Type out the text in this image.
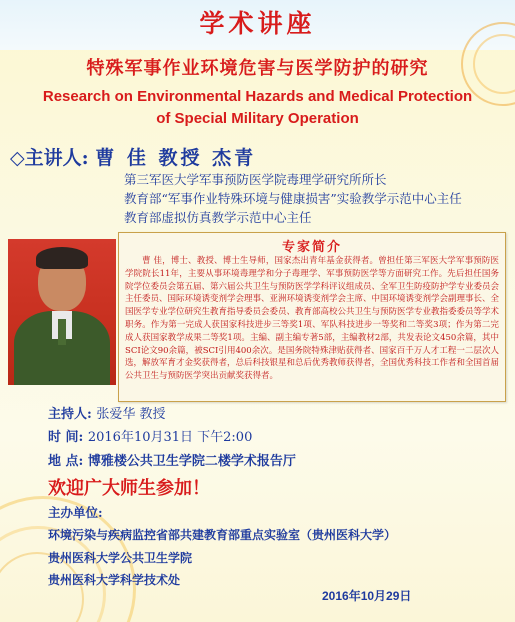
学术讲座
特殊军事作业环境危害与医学防护的研究
Research on Environmental Hazards and Medical Protection
of Special Military Operation
◇主讲人: 曹 佳 教授 杰青
第三军医大学军事预防医学院毒理学研究所所长
教育部“军事作业特殊环境与健康损害”实验教学示范中心主任
教育部虚拟仿真教学示范中心主任
专家简介
曹 佳，博士、教授、博士生导师，国家杰出青年基金获得者。曾担任第三军医大学军事预防医学院院长11年，主要从事环境毒理学和分子毒理学、军事预防医学等方面研究工作。先后担任国务院学位委员会第五届、第六届公共卫生与预防医学学科评议组成员、全军卫生防疫防护学专业委员会主任委员、国际环境诱变剂学会理事、亚洲环境诱变剂学会主席、中国环境诱变剂学会副理事长、全国医学专业学位研究生教育指导委员会委员、教育部高校公共卫生与预防医学专业教指委委员等学术职务。作为第一完成人获国家科技进步三等奖1项、军队科技进步一等奖和二等奖3项；作为第二完成人获国家教学成果二等奖1项。主编、副主编专著5部，主编教材2部，共发表论文450余篇，其中SCI论文90余篇，被SCI引用400余次。是国务院特殊津贴获得者、国家百千万人才工程一二层次人选，解放军育才金奖获得者，总后科技银星和总后优秀教师获得者，全国优秀科技工作者和全国首届公共卫生与预防医学突出贡献奖获得者。
主持人: 张爱华 教授
时 间: 2016年10月31日 下午2:00
地 点: 博雅楼公共卫生学院二楼学术报告厅
欢迎广大师生参加！
主办单位:
环境污染与疾病监控省部共建教育部重点实验室（贵州医科大学）
贵州医科大学公共卫生学院
贵州医科大学科学技术处
2016年10月29日
